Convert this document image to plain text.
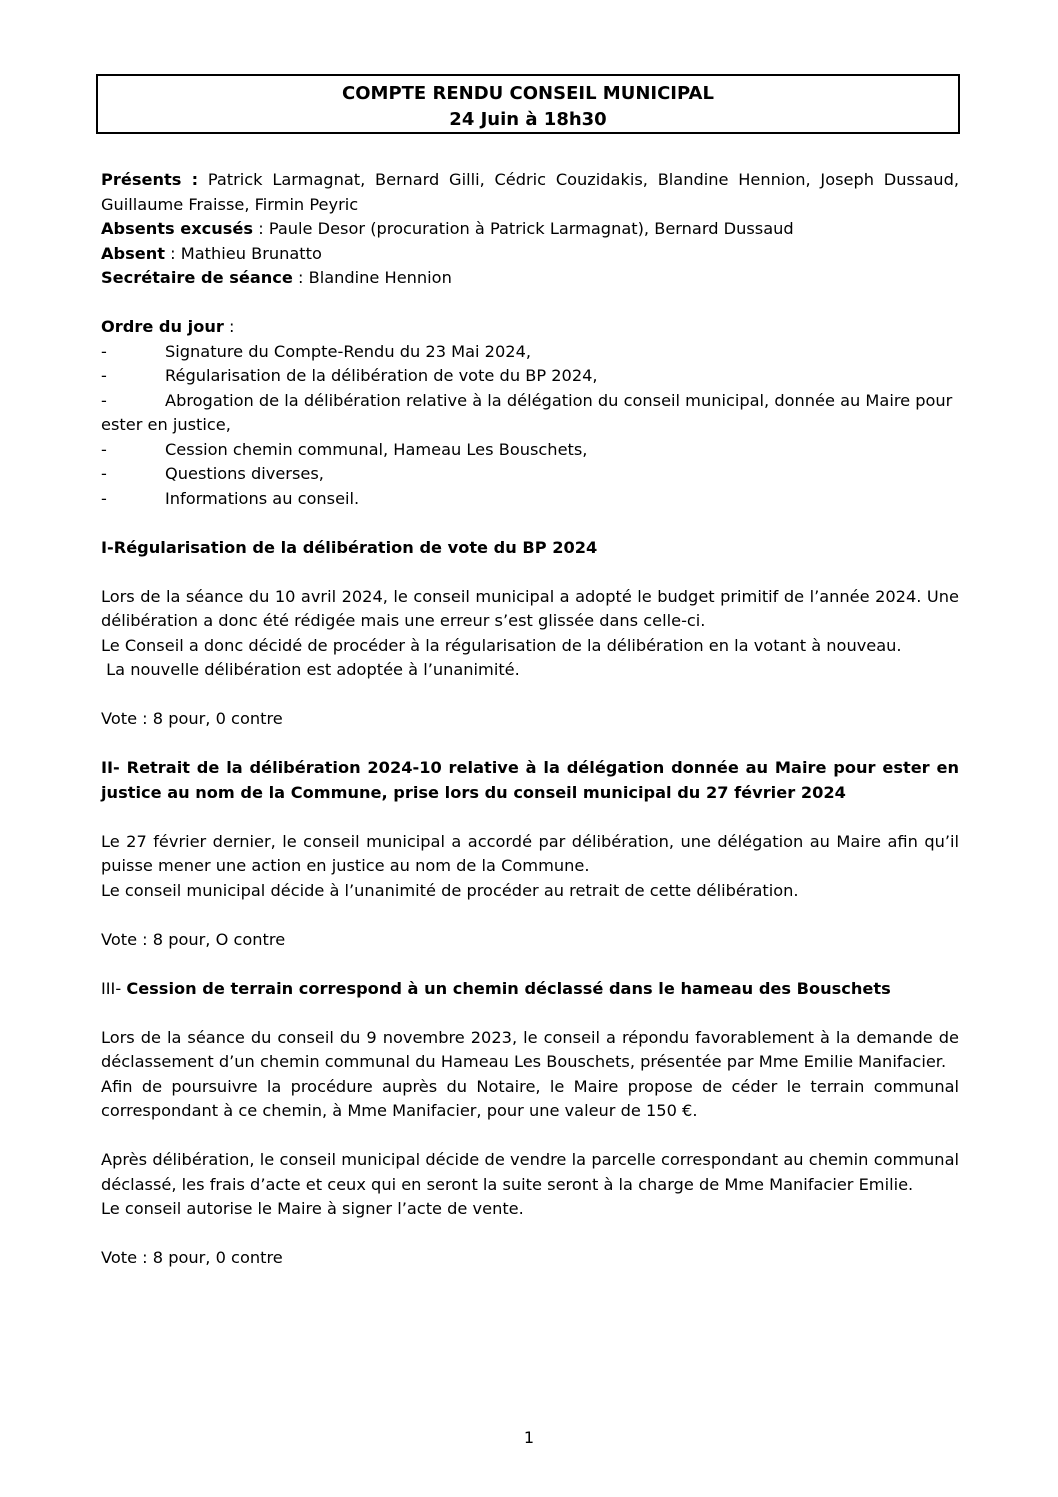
COMPTE RENDU CONSEIL MUNICIPAL
24 Juin à 18h30

Présents : Patrick Larmagnat, Bernard Gilli, Cédric Couzidakis, Blandine Hennion, Joseph Dussaud, Guillaume Fraisse, Firmin Peyric

Absents excusés : Paule Desor (procuration à Patrick Larmagnat), Bernard Dussaud

Absent : Mathieu Brunatto

Secrétaire de séance : Blandine Hennion

Ordre du jour :

-	Signature du Compte-Rendu du 23 Mai 2024,
-	Régularisation de la délibération de vote du BP 2024,
-	Abrogation de la délibération relative à la délégation du conseil municipal, donnée au Maire pour
ester en justice,
-	Cession chemin communal, Hameau Les Bouschets,
-	Questions diverses,
-	Informations au conseil.

I-Régularisation de la délibération de vote du BP 2024

Lors de la séance du 10 avril 2024, le conseil municipal a adopté le budget primitif de l’année 2024. Une délibération a donc été rédigée mais une erreur s’est glissée dans celle-ci.

Le Conseil a donc décidé de procéder à la régularisation de la délibération en la votant à nouveau.

La nouvelle délibération est adoptée à l’unanimité.

Vote : 8 pour, 0 contre

II- Retrait de la délibération 2024-10 relative à la délégation donnée au Maire pour ester en justice au nom de la Commune, prise lors du conseil municipal du 27 février 2024

Le 27 février dernier, le conseil municipal a accordé par délibération, une délégation au Maire afin qu’il puisse mener une action en justice au nom de la Commune.

Le conseil municipal décide à l’unanimité de procéder au retrait de cette délibération.

Vote : 8 pour, O contre

III- Cession de terrain correspond à un chemin déclassé dans le hameau des Bouschets

Lors de la séance du conseil du 9 novembre 2023, le conseil a répondu favorablement à la demande de déclassement d’un chemin communal du Hameau Les Bouschets, présentée par Mme Emilie Manifacier.

Afin de poursuivre la procédure auprès du Notaire, le Maire propose de céder le terrain communal correspondant à ce chemin, à Mme Manifacier, pour une valeur de 150 €.

Après délibération, le conseil municipal décide de vendre la parcelle correspondant au chemin communal déclassé, les frais d’acte et ceux qui en seront la suite seront à la charge de Mme Manifacier Emilie.

Le conseil autorise le Maire à signer l’acte de vente.

Vote : 8 pour, 0 contre

1
